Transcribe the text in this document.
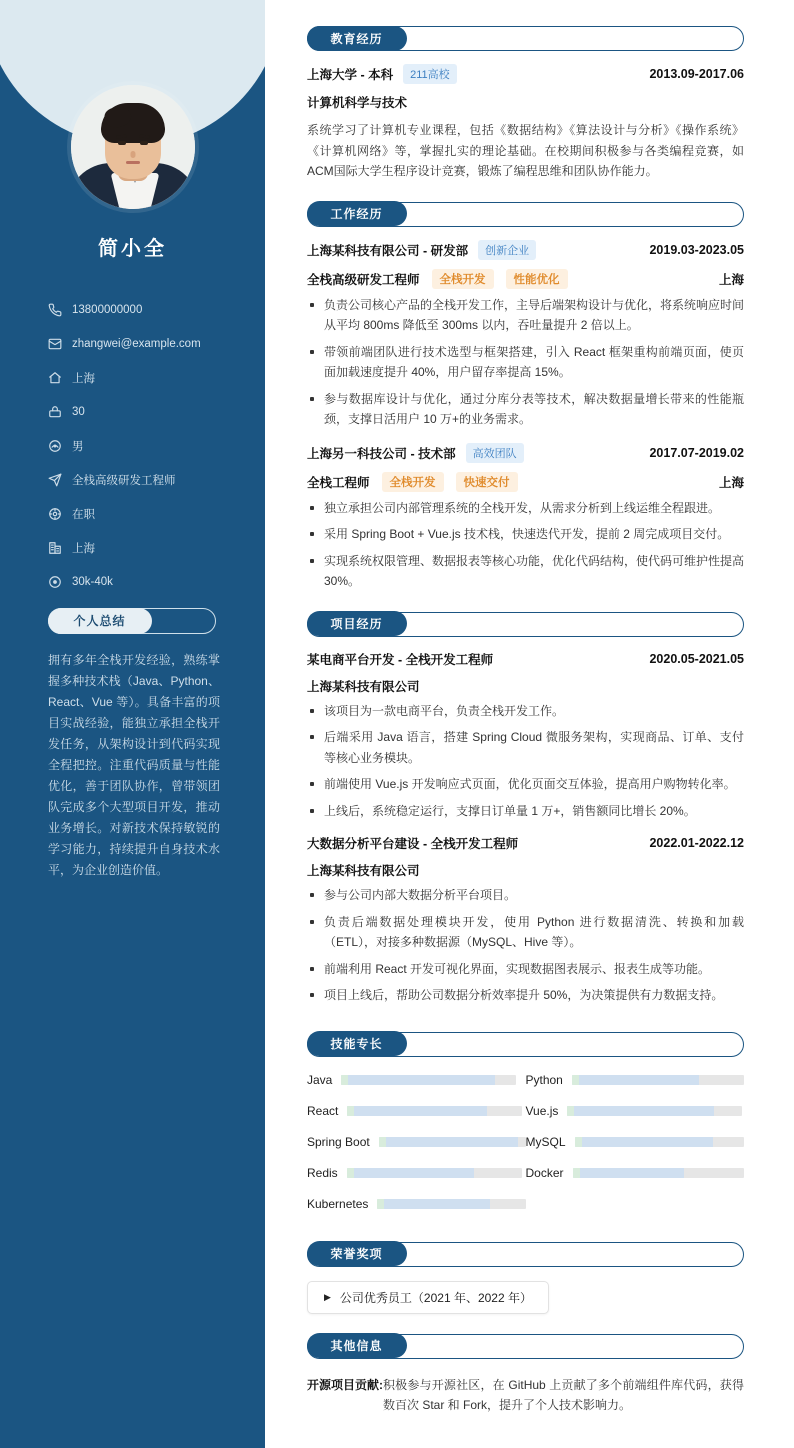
简小全
13800000000
zhangwei@example.com
上海
30
男
全栈高级研发工程师
在职
上海
30k-40k
个人总结
拥有多年全栈开发经验，熟练掌握多种技术栈（Java、Python、React、Vue 等）。具备丰富的项目实战经验，能独立承担全栈开发任务，从架构设计到代码实现全程把控。注重代码质量与性能优化，善于团队协作，曾带领团队完成多个大型项目开发，推动业务增长。对新技术保持敏锐的学习能力，持续提升自身技术水平，为企业创造价值。
教育经历
上海大学 - 本科	211高校	2013.09-2017.06
计算机科学与技术

系统学习了计算机专业课程，包括《数据结构》《算法设计与分析》《操作系统》《计算机网络》等，掌握扎实的理论基础。在校期间积极参与各类编程竞赛，如 ACM国际大学生程序设计竞赛，锻炼了编程思维和团队协作能力。

工作经历
上海某科技有限公司 - 研发部	创新企业	2019.03-2023.05
全栈高级研发工程师	全栈开发	性能优化	上海
负责公司核心产品的全栈开发工作，主导后端架构设计与优化，将系统响应时间从平均 800ms 降低至 300ms 以内，吞吐量提升 2 倍以上。
带领前端团队进行技术选型与框架搭建，引入 React 框架重构前端页面，使页面加载速度提升 40%，用户留存率提高 15%。
参与数据库设计与优化，通过分库分表等技术，解决数据量增长带来的性能瓶颈，支撑日活用户 10 万+的业务需求。
上海另一科技公司 - 技术部	高效团队	2017.07-2019.02
全栈工程师	全栈开发	快速交付	上海
独立承担公司内部管理系统的全栈开发，从需求分析到上线运维全程跟进。
采用 Spring Boot + Vue.js 技术栈，快速迭代开发，提前 2 周完成项目交付。
实现系统权限管理、数据报表等核心功能，优化代码结构，使代码可维护性提高 30%。
项目经历
某电商平台开发 - 全栈开发工程师	2020.05-2021.05
上海某科技有限公司
该项目为一款电商平台，负责全栈开发工作。
后端采用 Java 语言，搭建 Spring Cloud 微服务架构，实现商品、订单、支付等核心业务模块。
前端使用 Vue.js 开发响应式页面，优化页面交互体验，提高用户购物转化率。
上线后，系统稳定运行，支撑日订单量 1 万+，销售额同比增长 20%。
大数据分析平台建设 - 全栈开发工程师	2022.01-2022.12
上海某科技有限公司
参与公司内部大数据分析平台项目。
负责后端数据处理模块开发，使用 Python 进行数据清洗、转换和加载（ETL），对接多种数据源（MySQL、Hive 等）。
前端利用 React 开发可视化界面，实现数据图表展示、报表生成等功能。
项目上线后，帮助公司数据分析效率提升 50%，为决策提供有力数据支持。
技能专长
Java	Python
React	Vue.js
Spring Boot	MySQL
Redis	Docker
Kubernetes
荣誉奖项
▶ 公司优秀员工（2021 年、2022 年）
其他信息
开源项目贡献: 积极参与开源社区，在 GitHub 上贡献了多个前端组件库代码，获得数百次 Star 和 Fork，提升了个人技术影响力。
